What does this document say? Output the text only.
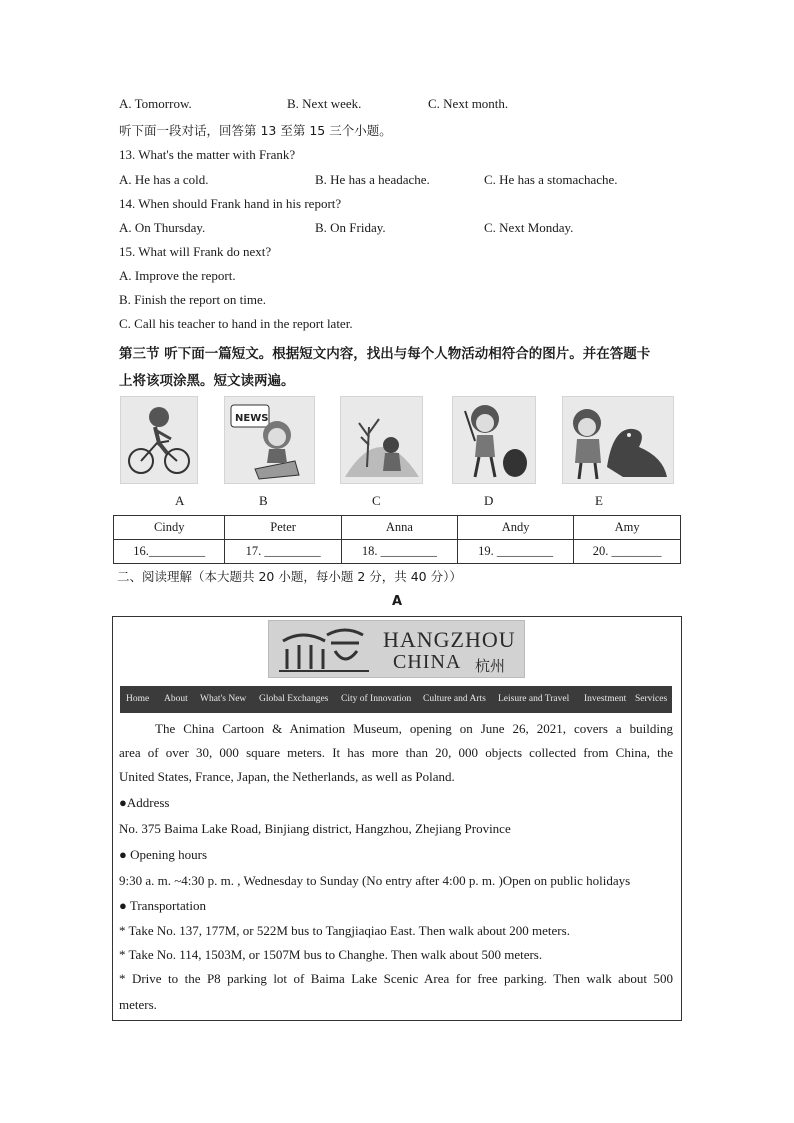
A. Tomorrow.	B. Next week.	C. Next month.
听下面一段对话，回答第 13 至第 15 三个小题。
13. What's the matter with Frank?
A. He has a cold.	B. He has a headache.	C. He has a stomachache.
14. When should Frank hand in his report?
A. On Thursday.	B. On Friday.	C. Next Monday.
15. What will Frank do next?
A. Improve the report.
B. Finish the report on time.
C. Call his teacher to hand in the report later.
第三节 听下面一篇短文。根据短文内容，找出与每个人物活动相符合的图片。并在答题卡
上将该项涂黑。短文读两遍。
NEWS
A	B	C	D	E
Cindy	Peter	Anna	Andy	Amy
16._________	17. _________	18. _________	19. _________	20. ________
二、阅读理解（本大题共 20 小题，每小题 2 分，共 40 分））
A
HANGZHOU
CHINA 杭州
Home About What's New Global Exchanges City of Innovation Culture and Arts Leisure and Travel Investment Services
The China Cartoon & Animation Museum, opening on June 26, 2021, covers a building
area of over 30, 000 square meters. It has more than 20, 000 objects collected from China, the
United States, France, Japan, the Netherlands, as well as Poland.
●Address
No. 375 Baima Lake Road, Binjiang district, Hangzhou, Zhejiang Province
● Opening hours
9:30 a. m. ~4:30 p. m. , Wednesday to Sunday (No entry after 4:00 p. m. )Open on public holidays
● Transportation
* Take No. 137, 177M, or 522M bus to Tangjiaqiao East. Then walk about 200 meters.
* Take No. 114, 1503M, or 1507M bus to Changhe. Then walk about 500 meters.
* Drive to the P8 parking lot of Baima Lake Scenic Area for free parking. Then walk about 500
meters.
